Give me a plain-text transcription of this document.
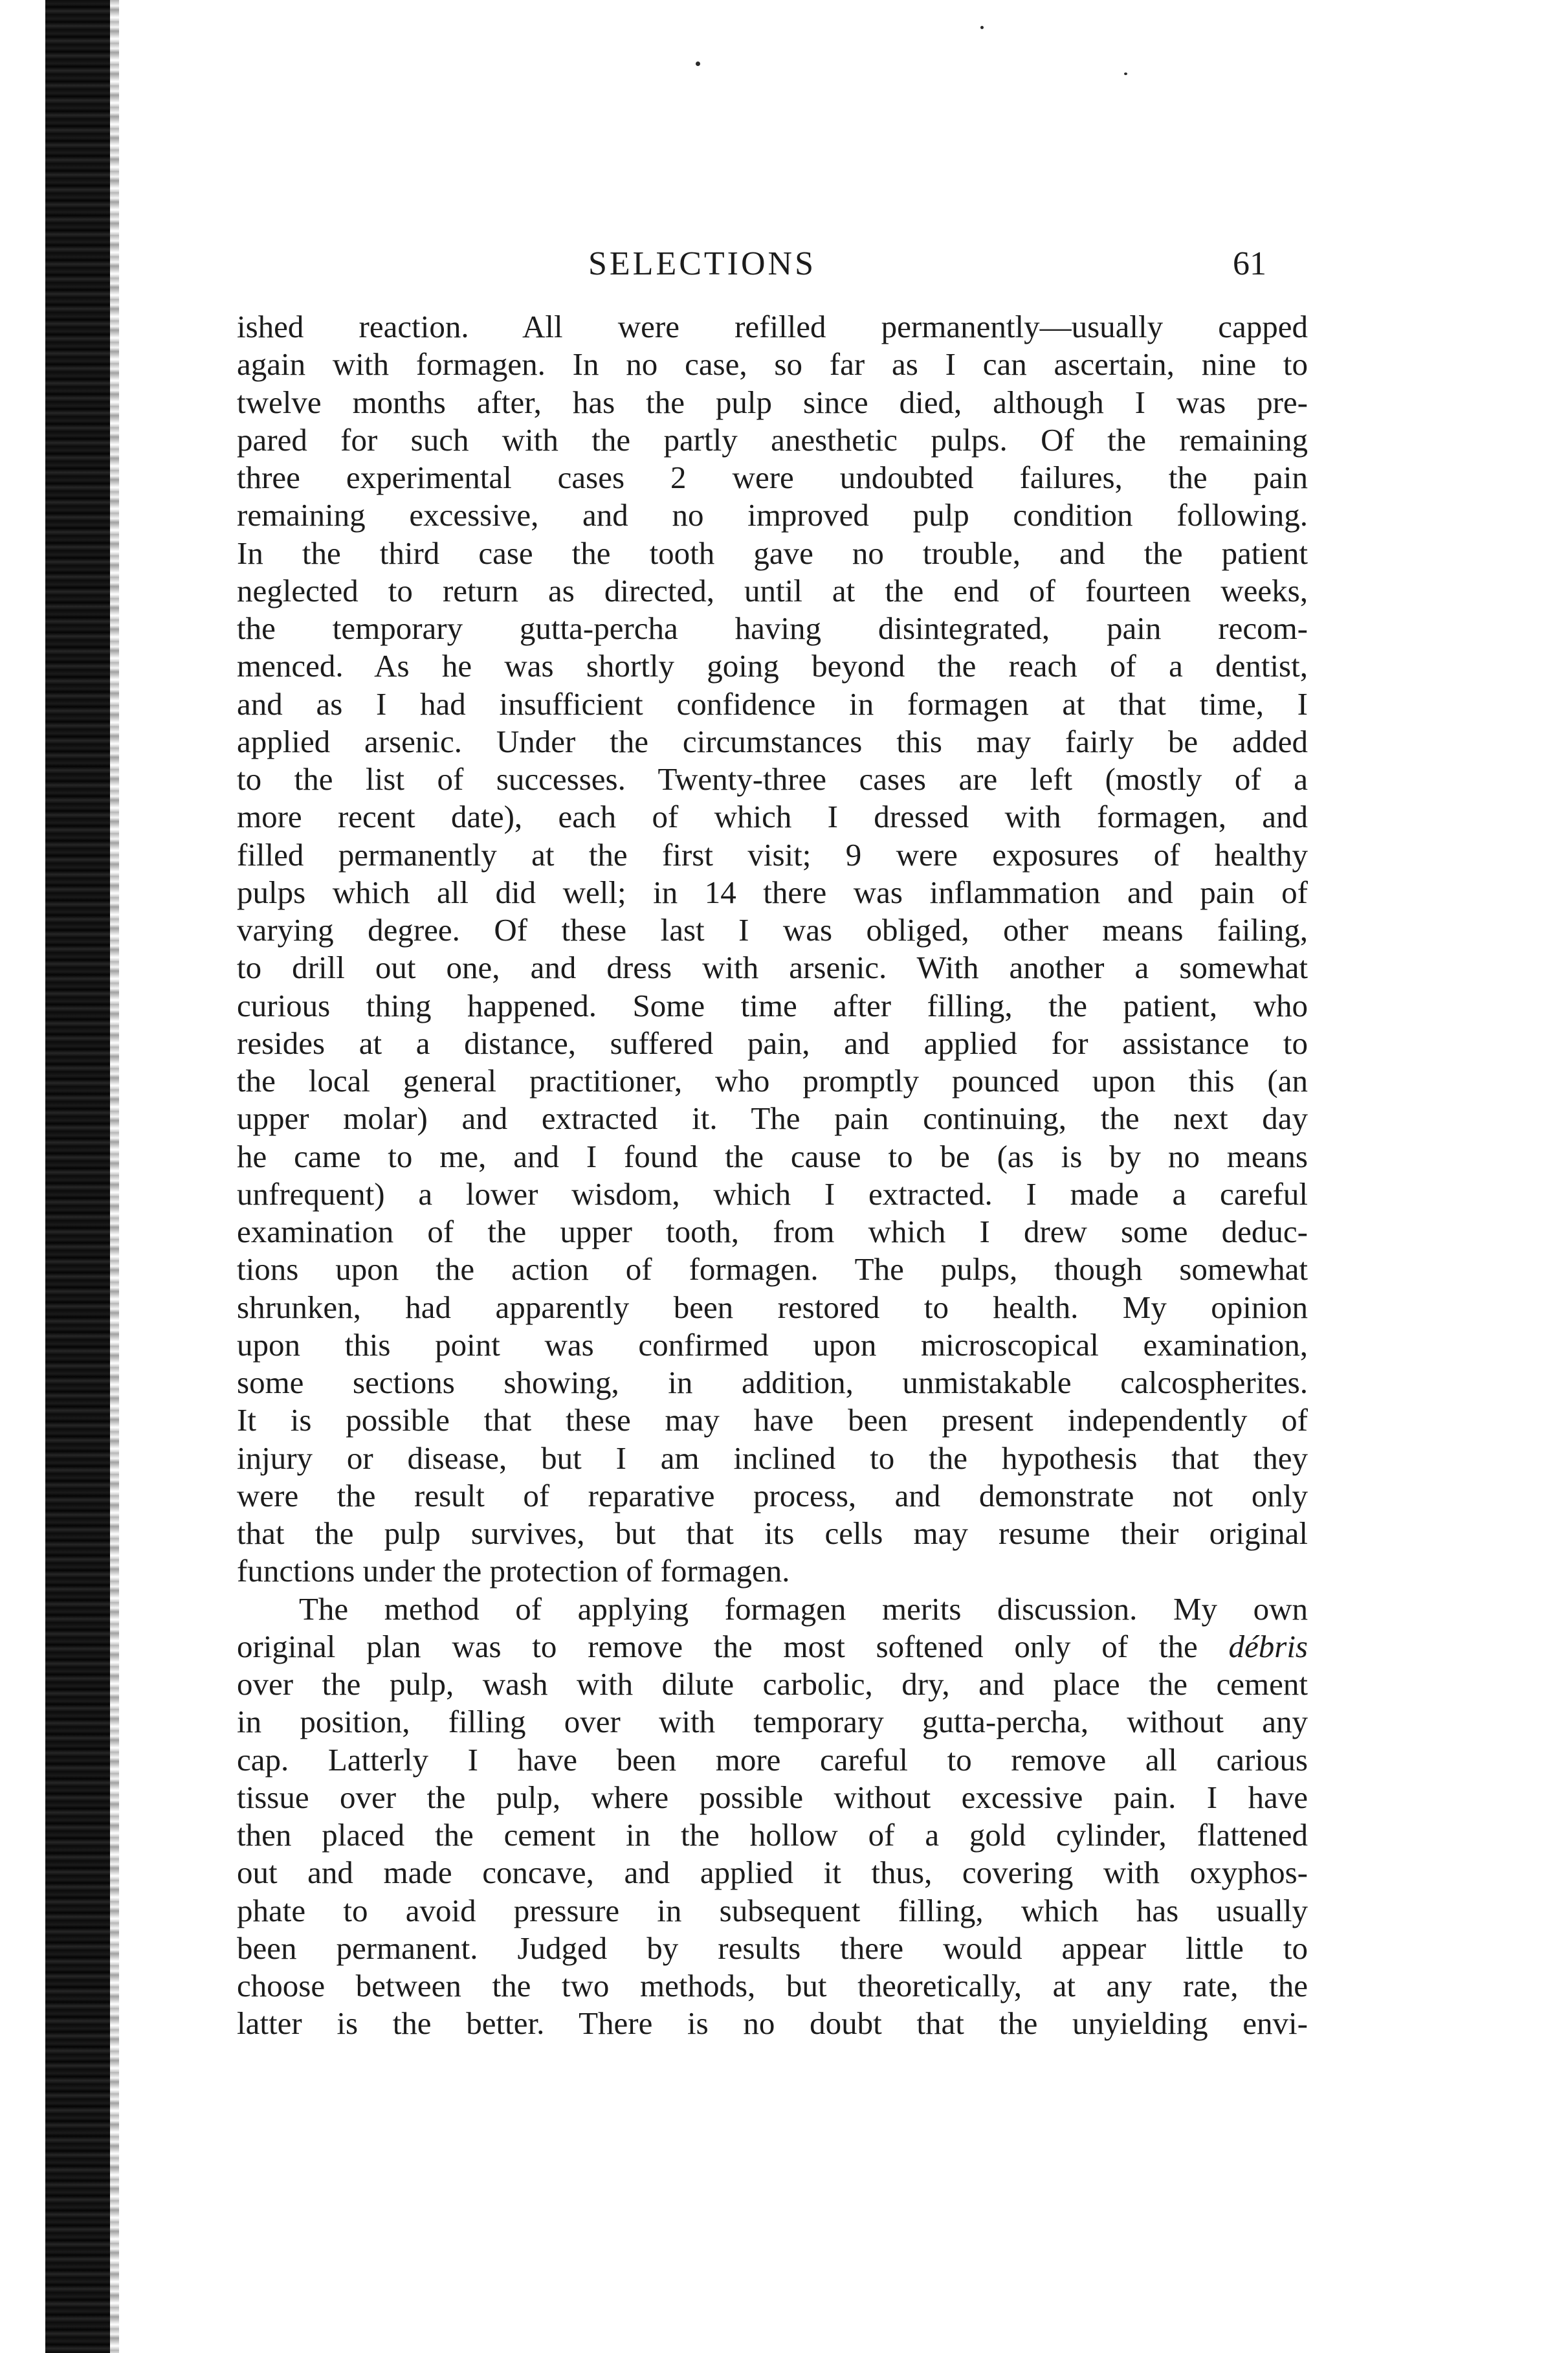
SELECTIONS	61
ished reaction. All were refilled permanently—usually capped
again with formagen. In no case, so far as I can ascertain, nine to
twelve months after, has the pulp since died, although I was pre-
pared for such with the partly anesthetic pulps. Of the remaining
three experimental cases 2 were undoubted failures, the pain
remaining excessive, and no improved pulp condition following.
In the third case the tooth gave no trouble, and the patient
neglected to return as directed, until at the end of fourteen weeks,
the temporary gutta-percha having disintegrated, pain recom-
menced. As he was shortly going beyond the reach of a dentist,
and as I had insufficient confidence in formagen at that time, I
applied arsenic. Under the circumstances this may fairly be added
to the list of successes. Twenty-three cases are left (mostly of a
more recent date), each of which I dressed with formagen, and
filled permanently at the first visit; 9 were exposures of healthy
pulps which all did well; in 14 there was inflammation and pain of
varying degree. Of these last I was obliged, other means failing,
to drill out one, and dress with arsenic. With another a somewhat
curious thing happened. Some time after filling, the patient, who
resides at a distance, suffered pain, and applied for assistance to
the local general practitioner, who promptly pounced upon this (an
upper molar) and extracted it. The pain continuing, the next day
he came to me, and I found the cause to be (as is by no means
unfrequent) a lower wisdom, which I extracted. I made a careful
examination of the upper tooth, from which I drew some deduc-
tions upon the action of formagen. The pulps, though somewhat
shrunken, had apparently been restored to health. My opinion
upon this point was confirmed upon microscopical examination,
some sections showing, in addition, unmistakable calcospherites.
It is possible that these may have been present independently of
injury or disease, but I am inclined to the hypothesis that they
were the result of reparative process, and demonstrate not only
that the pulp survives, but that its cells may resume their original
functions under the protection of formagen.
The method of applying formagen merits discussion. My own
original plan was to remove the most softened only of the débris
over the pulp, wash with dilute carbolic, dry, and place the cement
in position, filling over with temporary gutta-percha, without any
cap. Latterly I have been more careful to remove all carious
tissue over the pulp, where possible without excessive pain. I have
then placed the cement in the hollow of a gold cylinder, flattened
out and made concave, and applied it thus, covering with oxyphos-
phate to avoid pressure in subsequent filling, which has usually
been permanent. Judged by results there would appear little to
choose between the two methods, but theoretically, at any rate, the
latter is the better. There is no doubt that the unyielding envi-
